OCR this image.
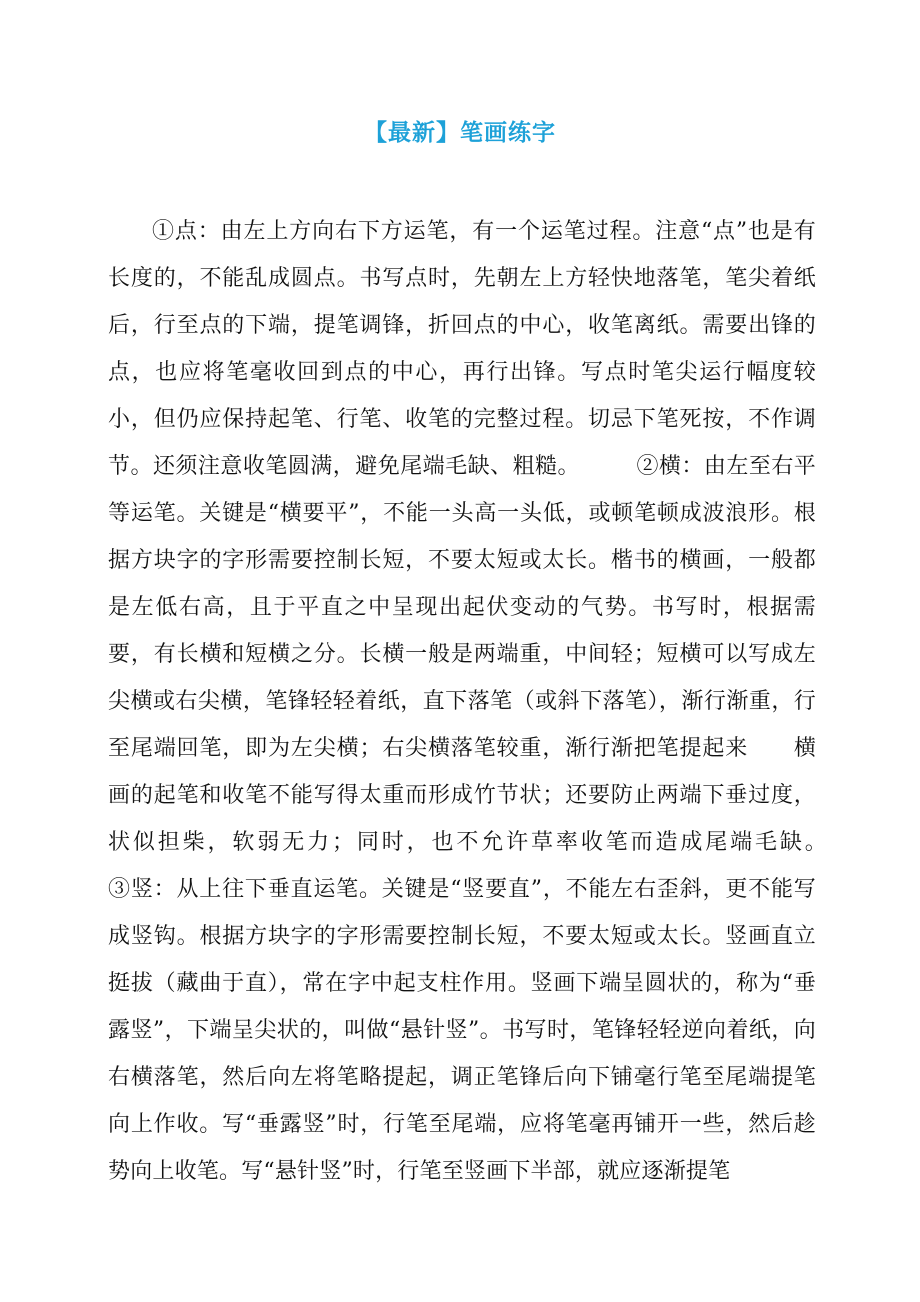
【最新】笔画练字

①点：由左上方向右下方运笔，有一个运笔过程。注意“点”也是有长度的，不能乱成圆点。书写点时，先朝左上方轻快地落笔，笔尖着纸后，行至点的下端，提笔调锋，折回点的中心，收笔离纸。需要出锋的点，也应将笔毫收回到点的中心，再行出锋。写点时笔尖运行幅度较小，但仍应保持起笔、行笔、收笔的完整过程。切忌下笔死按，不作调节。还须注意收笔圆满，避免尾端毛缺、粗糙。　　　	②横：由左至右平等运笔。关键是“横要平”，不能一头高一头低，或顿笔顿成波浪形。根据方块字的字形需要控制长短，不要太短或太长。楷书的横画，一般都是左低右高，且于平直之中呈现出起伏变动的气势。书写时，根据需要，有长横和短横之分。长横一般是两端重，中间轻；短横可以写成左尖横或右尖横，笔锋轻轻着纸，直下落笔（或斜下落笔），渐行渐重，行至尾端回笔，即为左尖横；右尖横落笔较重，渐行渐把笔提起来　　 横画的起笔和收笔不能写得太重而形成竹节状；还要防止两端下垂过度，状似担柴，软弱无力；同时，也不允许草率收笔而造成尾端毛缺。　　　③竖：从上往下垂直运笔。关键是“竖要直”，不能左右歪斜，更不能写成竖钩。根据方块字的字形需要控制长短，不要太短或太长。竖画直立挺拔（藏曲于直），常在字中起支柱作用。竖画下端呈圆状的，称为“垂露竖”，下端呈尖状的，叫做“悬针竖”。书写时，笔锋轻轻逆向着纸，向右横落笔，然后向左将笔略提起，调正笔锋后向下铺毫行笔至尾端提笔向上作收。写“垂露竖”时，行笔至尾端，应将笔毫再铺开一些，然后趁势向上收笔。写“悬针竖”时，行笔至竖画下半部，就应逐渐提笔
